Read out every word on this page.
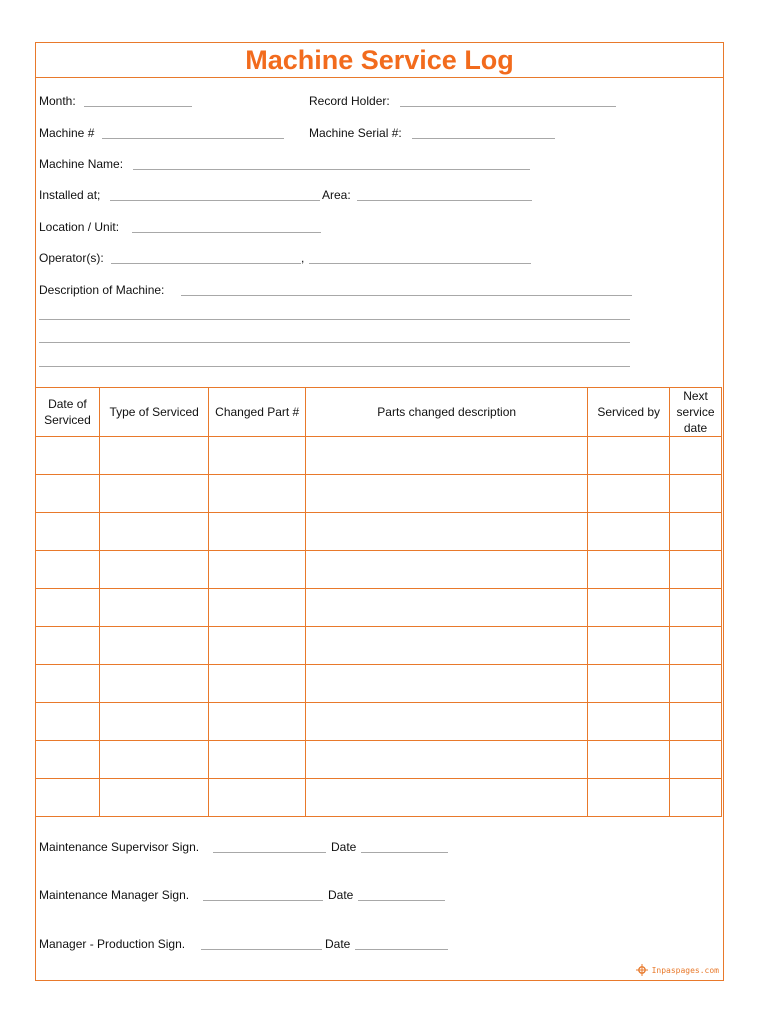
Machine Service Log
Month:	Record Holder:
Machine #	Machine Serial #:
Machine Name:
Installed at;	Area:
Location / Unit:
Operator(s):	,
Description of Machine:
Date of Serviced	Type of Serviced	Changed Part #	Parts changed description	Serviced by	Next service date

Maintenance Supervisor Sign.	Date
Maintenance Manager Sign.	Date
Manager - Production Sign.	Date
Inpaspages.com
